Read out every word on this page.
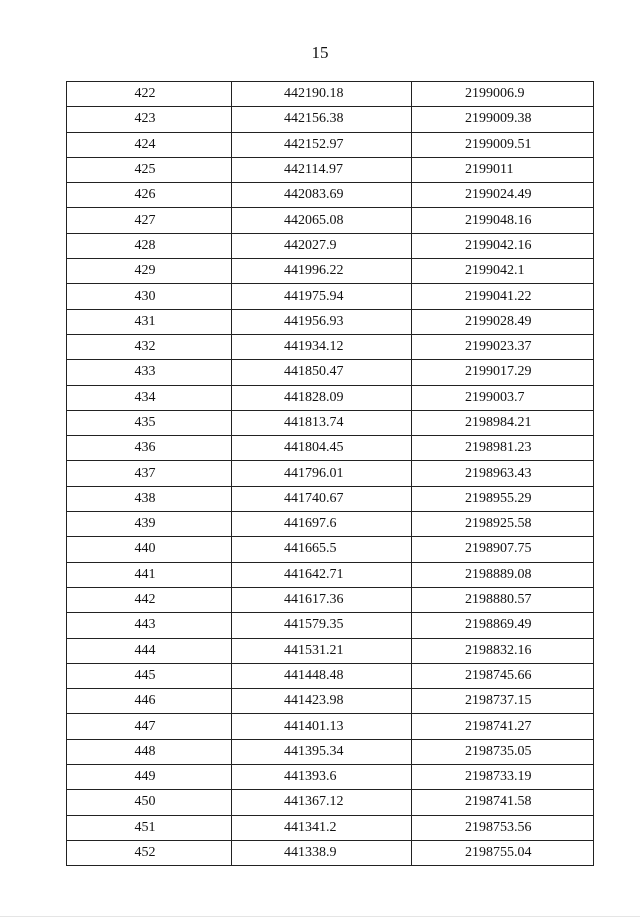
15
422	442190.18	2199006.9
423	442156.38	2199009.38
424	442152.97	2199009.51
425	442114.97	2199011
426	442083.69	2199024.49
427	442065.08	2199048.16
428	442027.9	2199042.16
429	441996.22	2199042.1
430	441975.94	2199041.22
431	441956.93	2199028.49
432	441934.12	2199023.37
433	441850.47	2199017.29
434	441828.09	2199003.7
435	441813.74	2198984.21
436	441804.45	2198981.23
437	441796.01	2198963.43
438	441740.67	2198955.29
439	441697.6	2198925.58
440	441665.5	2198907.75
441	441642.71	2198889.08
442	441617.36	2198880.57
443	441579.35	2198869.49
444	441531.21	2198832.16
445	441448.48	2198745.66
446	441423.98	2198737.15
447	441401.13	2198741.27
448	441395.34	2198735.05
449	441393.6	2198733.19
450	441367.12	2198741.58
451	441341.2	2198753.56
452	441338.9	2198755.04
